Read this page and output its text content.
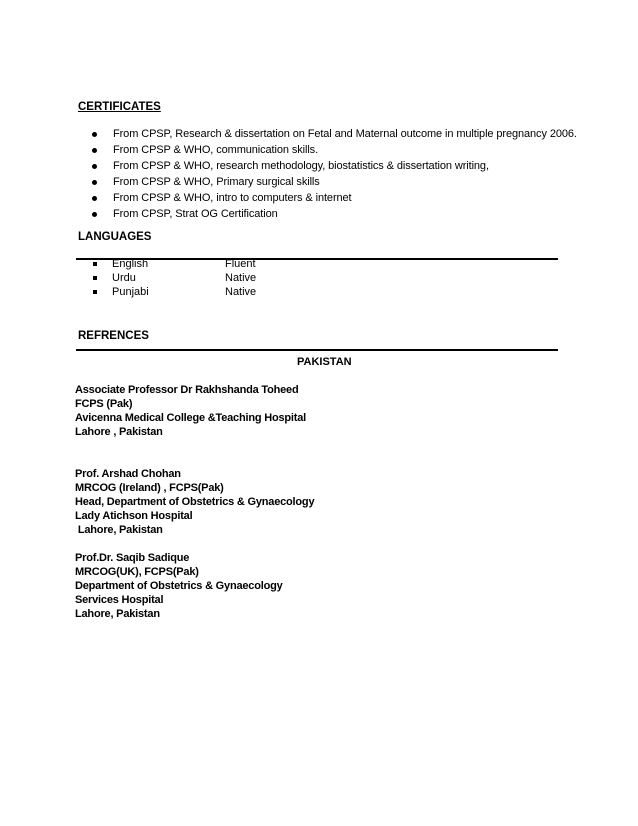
CERTIFICATES
From CPSP, Research & dissertation on Fetal and Maternal outcome in multiple pregnancy 2006.
From CPSP & WHO, communication skills.
From CPSP & WHO, research methodology, biostatistics & dissertation writing,
From CPSP & WHO, Primary surgical skills
From CPSP & WHO, intro to computers & internet
From CPSP, Strat OG Certification
LANGUAGES
English	Fluent
Urdu	Native
Punjabi	Native
REFRENCES
PAKISTAN
Associate Professor Dr Rakhshanda Toheed
FCPS (Pak)
Avicenna Medical College &Teaching Hospital
Lahore , Pakistan
Prof. Arshad Chohan
MRCOG (Ireland) , FCPS(Pak)
Head, Department of Obstetrics & Gynaecology
Lady Atichson Hospital
Lahore, Pakistan
Prof.Dr. Saqib Sadique
MRCOG(UK), FCPS(Pak)
Department of Obstetrics & Gynaecology
Services Hospital
Lahore, Pakistan
